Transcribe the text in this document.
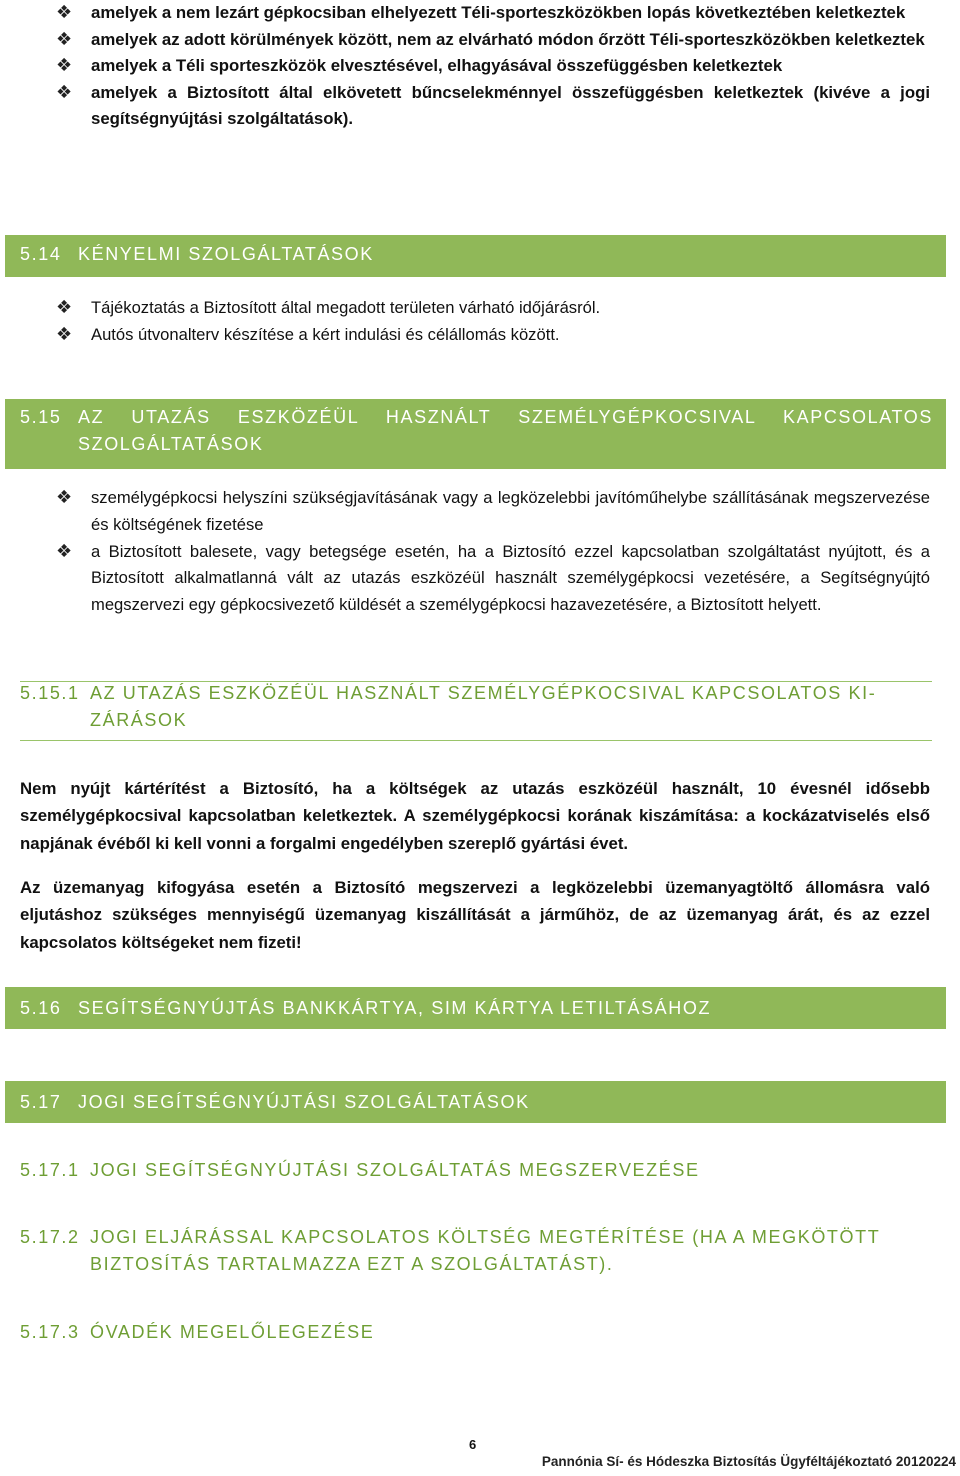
❖ amelyek a nem lezárt gépkocsiban elhelyezett Téli-sporteszközökben lopás következtében keletkeztek
❖ amelyek az adott körülmények között, nem az elvárható módon őrzött Téli-sporteszközökben keletkeztek
❖ amelyek a Téli sporteszközök elvesztésével, elhagyásával összefüggésben keletkeztek
❖ amelyek a Biztosított által elkövetett bűncselekménnyel összefüggésben keletkeztek (kivéve a jogi segítségnyújtási szolgáltatások).
5.14 KÉNYELMI SZOLGÁLTATÁSOK
❖ Tájékoztatás a Biztosított által megadott területen várható időjárásról.
❖ Autós útvonalterv készítése a kért indulási és célállomás között.
5.15 AZ UTAZÁS ESZKÖZÉÜL HASZNÁLT SZEMÉLYGÉPKOCSIVAL KAPCSOLATOS
SZOLGÁLTATÁSOK
❖ személygépkocsi helyszíni szükségjavításának vagy a legközelebbi javítóműhelybe szállításának megszervezése és költségének fizetése
❖ a Biztosított balesete, vagy betegsége esetén, ha a Biztosító ezzel kapcsolatban szolgáltatást nyújtott, és a Biztosított alkalmatlanná vált az utazás eszközéül használt személygépkocsi vezetésére, a Segítségnyújtó megszervezi egy gépkocsivezető küldését a személygépkocsi hazavezetésére, a Biztosított helyett.
5.15.1 AZ UTAZÁS ESZKÖZÉÜL HASZNÁLT SZEMÉLYGÉPKOCSIVAL KAPCSOLATOS KI-
ZÁRÁSOK

Nem nyújt kártérítést a Biztosító, ha a költségek az utazás eszközéül használt, 10 évesnél idősebb személygépkocsival kapcsolatban keletkeztek. A személygépkocsi korának kiszámítása: a kockázatviselés első napjának évéből ki kell vonni a forgalmi engedélyben szereplő gyártási évet.

Az üzemanyag kifogyása esetén a Biztosító megszervezi a legközelebbi üzemanyagtöltő állomásra való eljutáshoz szükséges mennyiségű üzemanyag kiszállítását a járműhöz, de az üzemanyag árát, és az ezzel kapcsolatos költségeket nem fizeti!

5.16 SEGÍTSÉGNYÚJTÁS BANKKÁRTYA, SIM KÁRTYA LETILTÁSÁHOZ
5.17 JOGI SEGÍTSÉGNYÚJTÁSI SZOLGÁLTATÁSOK
5.17.1 JOGI SEGÍTSÉGNYÚJTÁSI SZOLGÁLTATÁS MEGSZERVEZÉSE
5.17.2 JOGI ELJÁRÁSSAL KAPCSOLATOS KÖLTSÉG MEGTÉRÍTÉSE (HA A MEGKÖTÖTT
BIZTOSÍTÁS TARTALMAZZA EZT A SZOLGÁLTATÁST).
5.17.3 ÓVADÉK MEGELŐLEGEZÉSE
6
Pannónia Sí- és Hódeszka Biztosítás Ügyféltájékoztató 20120224
